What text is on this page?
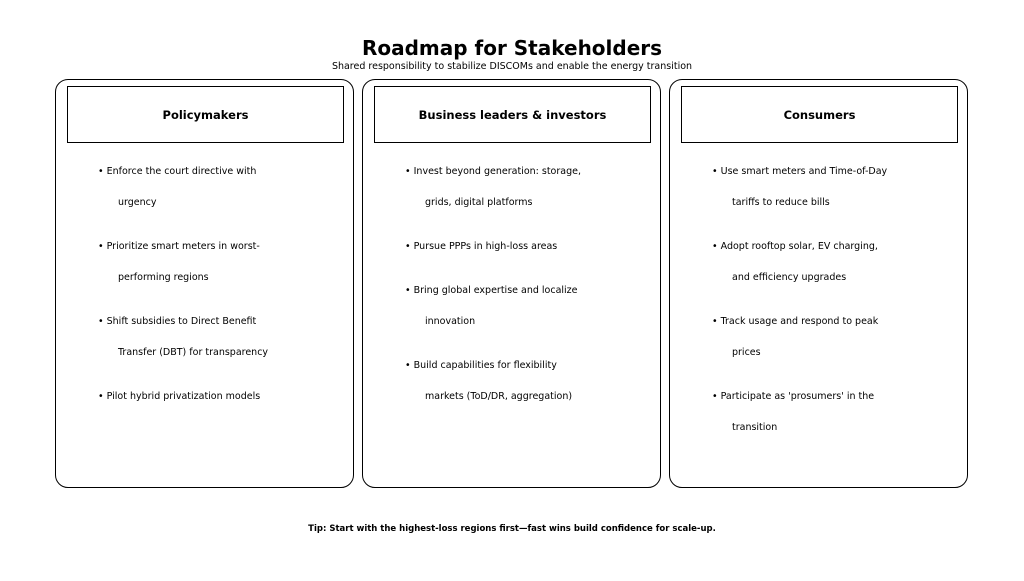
Roadmap for Stakeholders
Shared responsibility to stabilize DISCOMs and enable the energy transition
Policymakers
• Enforce the court directive with
urgency
• Prioritize smart meters in worst-
performing regions
• Shift subsidies to Direct Benefit
Transfer (DBT) for transparency
• Pilot hybrid privatization models
Business leaders & investors
• Invest beyond generation: storage,
grids, digital platforms
• Pursue PPPs in high-loss areas
• Bring global expertise and localize
innovation
• Build capabilities for flexibility
markets (ToD/DR, aggregation)
Consumers
• Use smart meters and Time-of-Day
tariffs to reduce bills
• Adopt rooftop solar, EV charging,
and efficiency upgrades
• Track usage and respond to peak
prices
• Participate as 'prosumers' in the
transition
Tip: Start with the highest-loss regions first—fast wins build confidence for scale-up.
